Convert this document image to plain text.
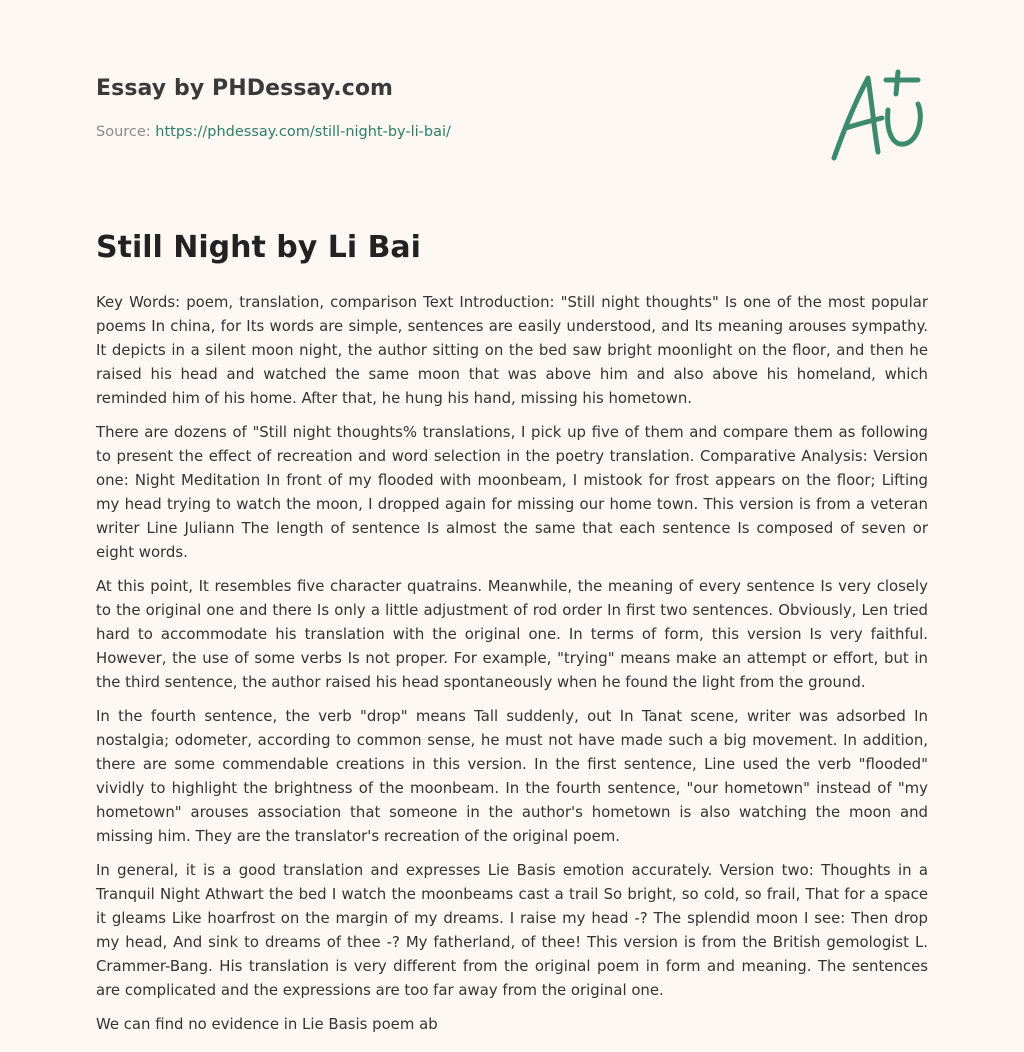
Essay by PHDessay.com
Source: https://phdessay.com/still-night-by-li-bai/
Still Night by Li Bai

Key Words: poem, translation, comparison Text Introduction: "Still night thoughts" Is one of the most popular poems In china, for Its words are simple, sentences are easily understood, and Its meaning arouses sympathy. It depicts in a silent moon night, the author sitting on the bed saw bright moonlight on the floor, and then he raised his head and watched the same moon that was above him and also above his homeland, which reminded him of his home. After that, he hung his hand, missing his hometown.

There are dozens of "Still night thoughts% translations, I pick up five of them and compare them as following to present the effect of recreation and word selection in the poetry translation. Comparative Analysis: Version one: Night Meditation In front of my flooded with moonbeam, I mistook for frost appears on the floor; Lifting my head trying to watch the moon, I dropped again for missing our home town. This version is from a veteran writer Line Juliann The length of sentence Is almost the same that each sentence Is composed of seven or eight words.

At this point, It resembles five character quatrains. Meanwhile, the meaning of every sentence Is very closely to the original one and there Is only a little adjustment of rod order In first two sentences. Obviously, Len tried hard to accommodate his translation with the original one. In terms of form, this version Is very faithful. However, the use of some verbs Is not proper. For example, "trying" means make an attempt or effort, but in the third sentence, the author raised his head spontaneously when he found the light from the ground.

In the fourth sentence, the verb "drop" means Tall suddenly, out In Tanat scene, writer was adsorbed In nostalgia; odometer, according to common sense, he must not have made such a big movement. In addition, there are some commendable creations in this version. In the first sentence, Line used the verb "flooded" vividly to highlight the brightness of the moonbeam. In the fourth sentence, "our hometown" instead of "my hometown" arouses association that someone in the author's hometown is also watching the moon and missing him. They are the translator's recreation of the original poem.

In general, it is a good translation and expresses Lie Basis emotion accurately. Version two: Thoughts in a Tranquil Night Athwart the bed I watch the moonbeams cast a trail So bright, so cold, so frail, That for a space it gleams Like hoarfrost on the margin of my dreams. I raise my head -? The splendid moon I see: Then drop my head, And sink to dreams of thee -? My fatherland, of thee! This version is from the British gemologist L. Crammer-Bang. His translation is very different from the original poem in form and meaning. The sentences are complicated and the expressions are too far away from the original one.

We can find no evidence in Lie Basis poem ab
